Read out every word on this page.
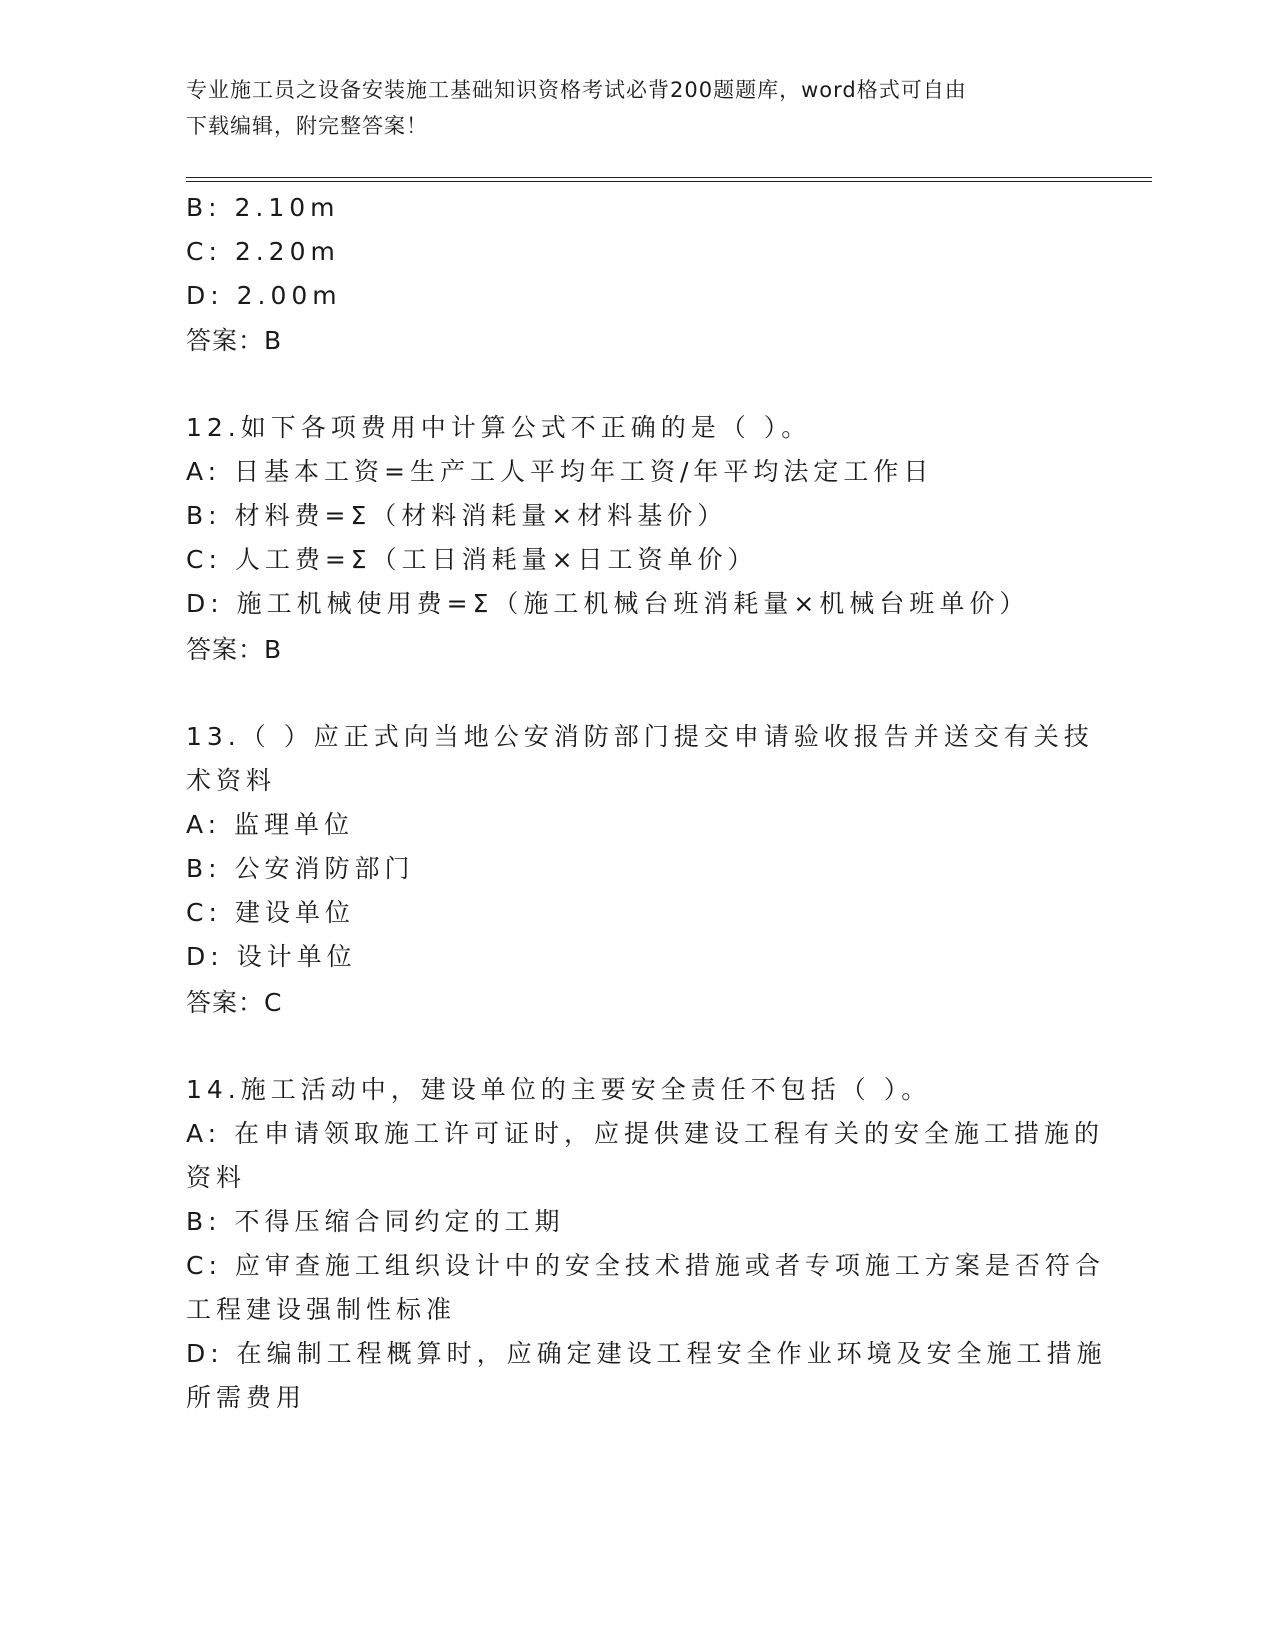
专业施工员之设备安装施工基础知识资格考试必背200题题库，word格式可自由
下载编辑，附完整答案！
B: 2.10m
C: 2.20m
D: 2.00m
答案：B
12.如下各项费用中计算公式不正确的是（ ）。
A: 日基本工资=生产工人平均年工资/年平均法定工作日
B: 材料费=Σ（材料消耗量×材料基价）
C: 人工费=Σ（工日消耗量×日工资单价）
D: 施工机械使用费=Σ（施工机械台班消耗量×机械台班单价）
答案：B
13.（ ）应正式向当地公安消防部门提交申请验收报告并送交有关技
术资料
A: 监理单位
B: 公安消防部门
C: 建设单位
D: 设计单位
答案：C
14.施工活动中，建设单位的主要安全责任不包括（ ）。
A: 在申请领取施工许可证时，应提供建设工程有关的安全施工措施的
资料
B: 不得压缩合同约定的工期
C: 应审查施工组织设计中的安全技术措施或者专项施工方案是否符合
工程建设强制性标准
D: 在编制工程概算时，应确定建设工程安全作业环境及安全施工措施
所需费用
